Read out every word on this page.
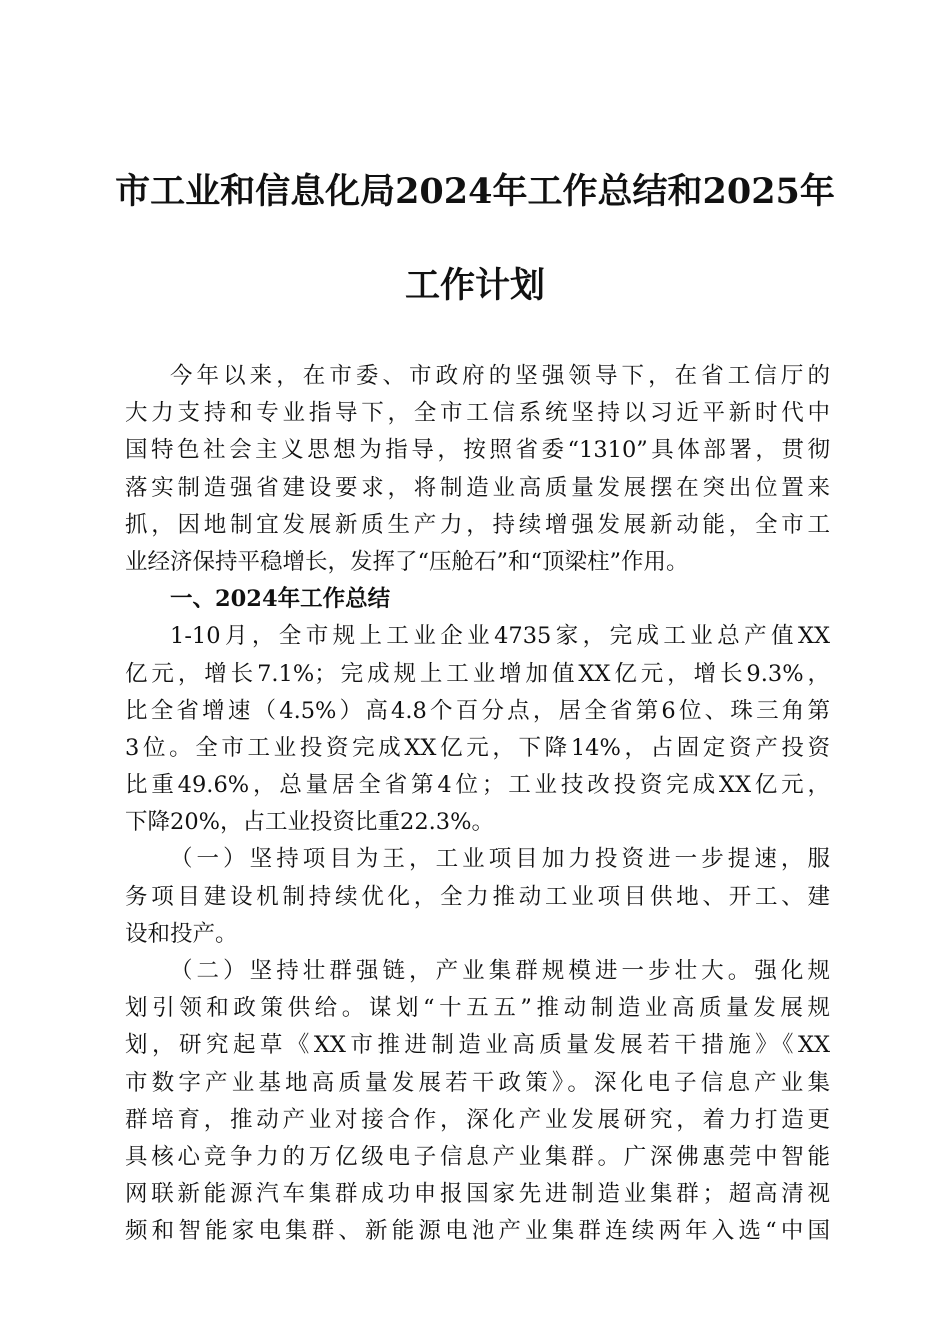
市工业和信息化局2024年工作总结和2025年
工作计划
今年以来，在市委、市政府的坚强领导下，在省工信厅的
大力支持和专业指导下，全市工信系统坚持以习近平新时代中
国特色社会主义思想为指导，按照省委“1310”具体部署，贯彻
落实制造强省建设要求，将制造业高质量发展摆在突出位置来
抓，因地制宜发展新质生产力，持续增强发展新动能，全市工
业经济保持平稳增长，发挥了“压舱石”和“顶梁柱”作用。
一、2024年工作总结
1-10月，全市规上工业企业4735家，完成工业总产值XX
亿元，增长7.1%；完成规上工业增加值XX亿元，增长9.3%，
比全省增速（4.5%）高4.8个百分点，居全省第6位、珠三角第
3位。全市工业投资完成XX亿元，下降14%，占固定资产投资
比重49.6%，总量居全省第4位；工业技改投资完成XX亿元，
下降20%，占工业投资比重22.3%。
（一）坚持项目为王，工业项目加力投资进一步提速，服
务项目建设机制持续优化，全力推动工业项目供地、开工、建
设和投产。
（二）坚持壮群强链，产业集群规模进一步壮大。强化规
划引领和政策供给。谋划“十五五”推动制造业高质量发展规
划，研究起草《XX市推进制造业高质量发展若干措施》《XX
市数字产业基地高质量发展若干政策》。深化电子信息产业集
群培育，推动产业对接合作，深化产业发展研究，着力打造更
具核心竞争力的万亿级电子信息产业集群。广深佛惠莞中智能
网联新能源汽车集群成功申报国家先进制造业集群；超高清视
频和智能家电集群、新能源电池产业集群连续两年入选“中国
